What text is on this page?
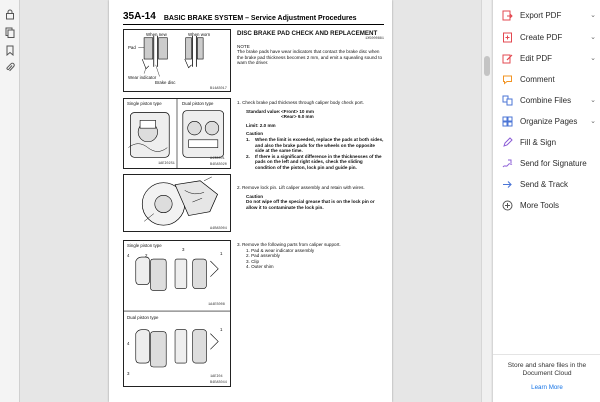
35A-14 BASIC BRAKE SYSTEM – Service Adjustment Procedures
When new	When worn
Pad
Wear indicator
Brake disc
B14AS017
Single piston type	Dual piston type
1AEI02S1
A4S0001
B4EAS020
A4RAS004
Single piston type
Dual piston type
4	2
3
1
1
4
3
1A4ES008
1AEI04
B4EAS044
DISC BRAKE PAD CHECK AND REPLACEMENT
1X5000881
NOTE
The brake pads have wear indicators that contact the brake disc when the brake pad thickness becomes 2 mm, and emit a squealing sound to warn the driver.
1. Check brake pad thickness through caliper body check port.
Standard value: <Front> 10 mm
<Rear> 9.0 mm
Limit: 2.0 mm
Caution
1.	When the limit is exceeded, replace the pads at both sides, and also the brake pads for the wheels on the opposite side at the same time.
2.	If there is a significant difference in the thicknesses of the pads on the left and right sides, check the sliding condition of the piston, lock pin and guide pin.
2. Remove lock pin. Lift caliper assembly and retain with wires.
Caution
Do not wipe off the special grease that is on the lock pin or allow it to contaminate the lock pin.
3. Remove the following parts from caliper support.
1. Pad & wear indicator assembly
2. Pad assembly
3. Clip
4. Outer shim
Export PDF	⌄
Create PDF	⌄
Edit PDF	⌄
Comment
Combine Files	⌄
Organize Pages	⌄
Fill & Sign
Send for Signature
Send & Track
More Tools
Store and share files in the
Document Cloud
Learn More
